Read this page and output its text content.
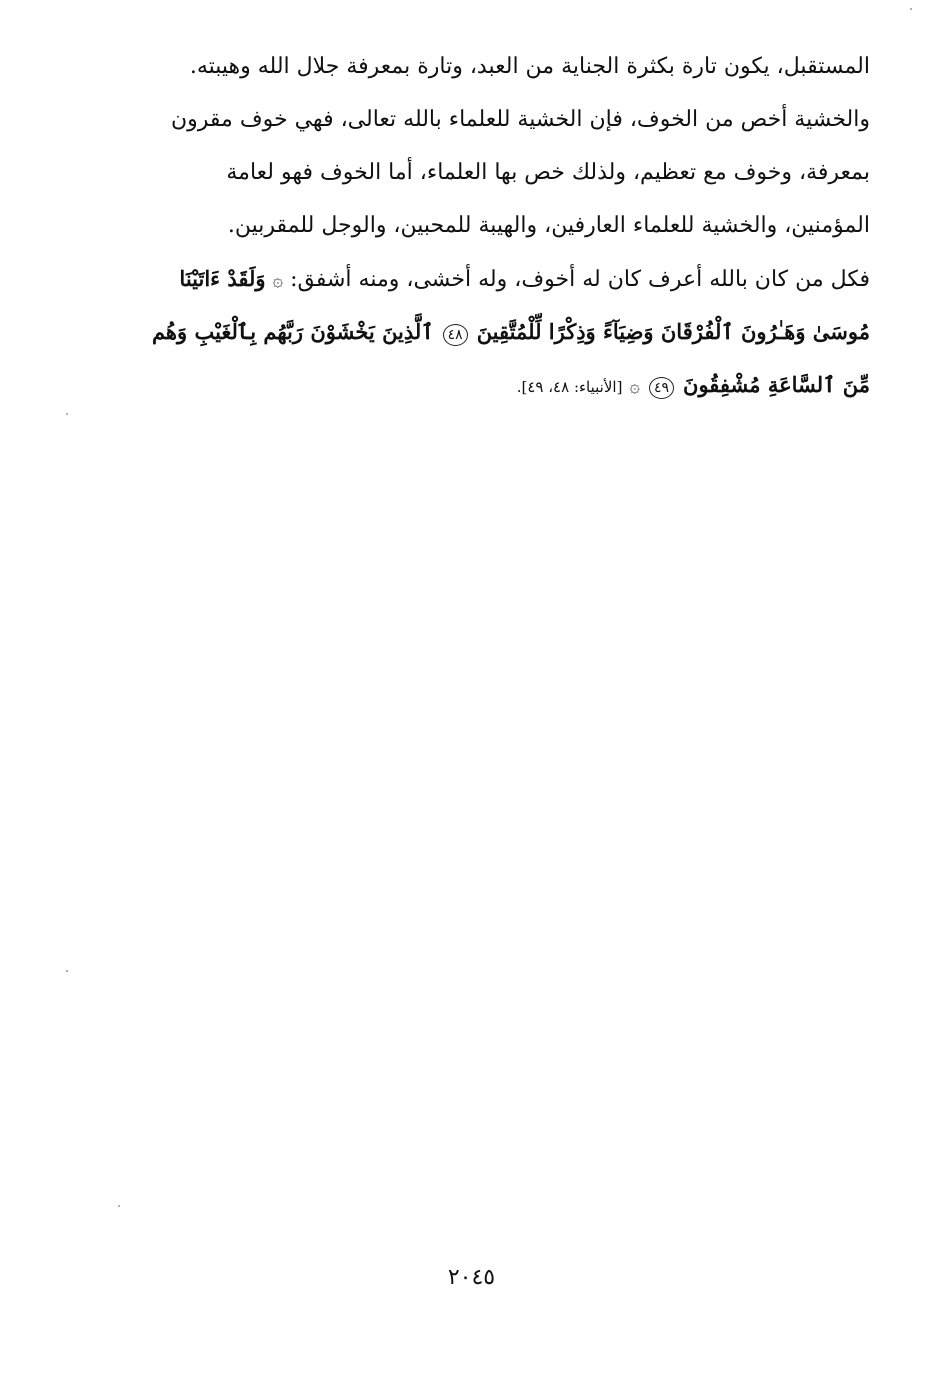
المستقبل، يكون تارة بكثرة الجناية من العبد، وتارة بمعرفة جلال الله وهيبته.
والخشية أخص من الخوف، فإن الخشية للعلماء بالله تعالى، فهي خوف مقرون
بمعرفة، وخوف مع تعظيم، ولذلك خص بها العلماء، أما الخوف فهو لعامة
المؤمنين، والخشية للعلماء العارفين، والهيبة للمحبين، والوجل للمقربين.
فكل من كان بالله أعرف كان له أخوف، وله أخشى، ومنه أشفق: ۞ وَلَقَدْ ءَاتَيْنَا
مُوسَىٰ وَهَـٰرُونَ ٱلْفُرْقَانَ وَضِيَآءً وَذِكْرًا لِّلْمُتَّقِينَ ٤٨ ٱلَّذِينَ يَخْشَوْنَ رَبَّهُم بِٱلْغَيْبِ وَهُم
مِّنَ ٱلسَّاعَةِ مُشْفِقُونَ ٤٩ ۞ [الأنبياء: ٤٨، ٤٩].
٢٠٤٥
